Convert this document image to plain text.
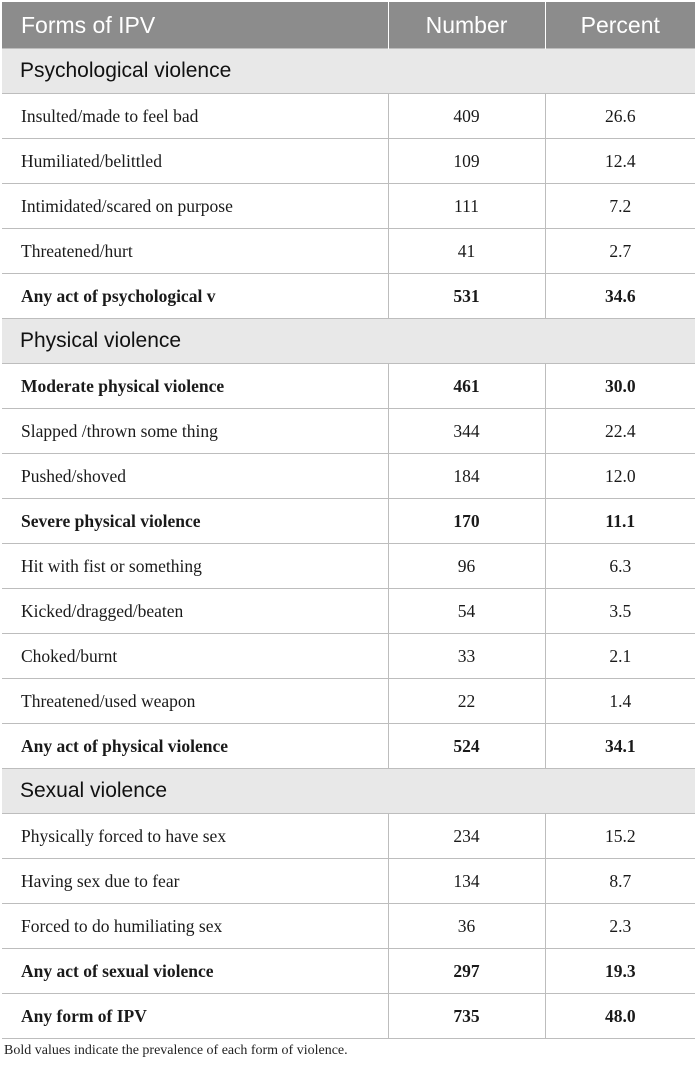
Forms of IPV	Number	Percent
Psychological violence		
Insulted/made to feel bad	409	26.6
Humiliated/belittled	109	12.4
Intimidated/scared on purpose	111	7.2
Threatened/hurt	41	2.7
Any act of psychological v	531	34.6
Physical violence		
Moderate physical violence	461	30.0
Slapped /thrown some thing	344	22.4
Pushed/shoved	184	12.0
Severe physical violence	170	11.1
Hit with fist or something	96	6.3
Kicked/dragged/beaten	54	3.5
Choked/burnt	33	2.1
Threatened/used weapon	22	1.4
Any act of physical violence	524	34.1
Sexual violence		
Physically forced to have sex	234	15.2
Having sex due to fear	134	8.7
Forced to do humiliating sex	36	2.3
Any act of sexual violence	297	19.3
Any form of IPV	735	48.0
Bold values indicate the prevalence of each form of violence.
